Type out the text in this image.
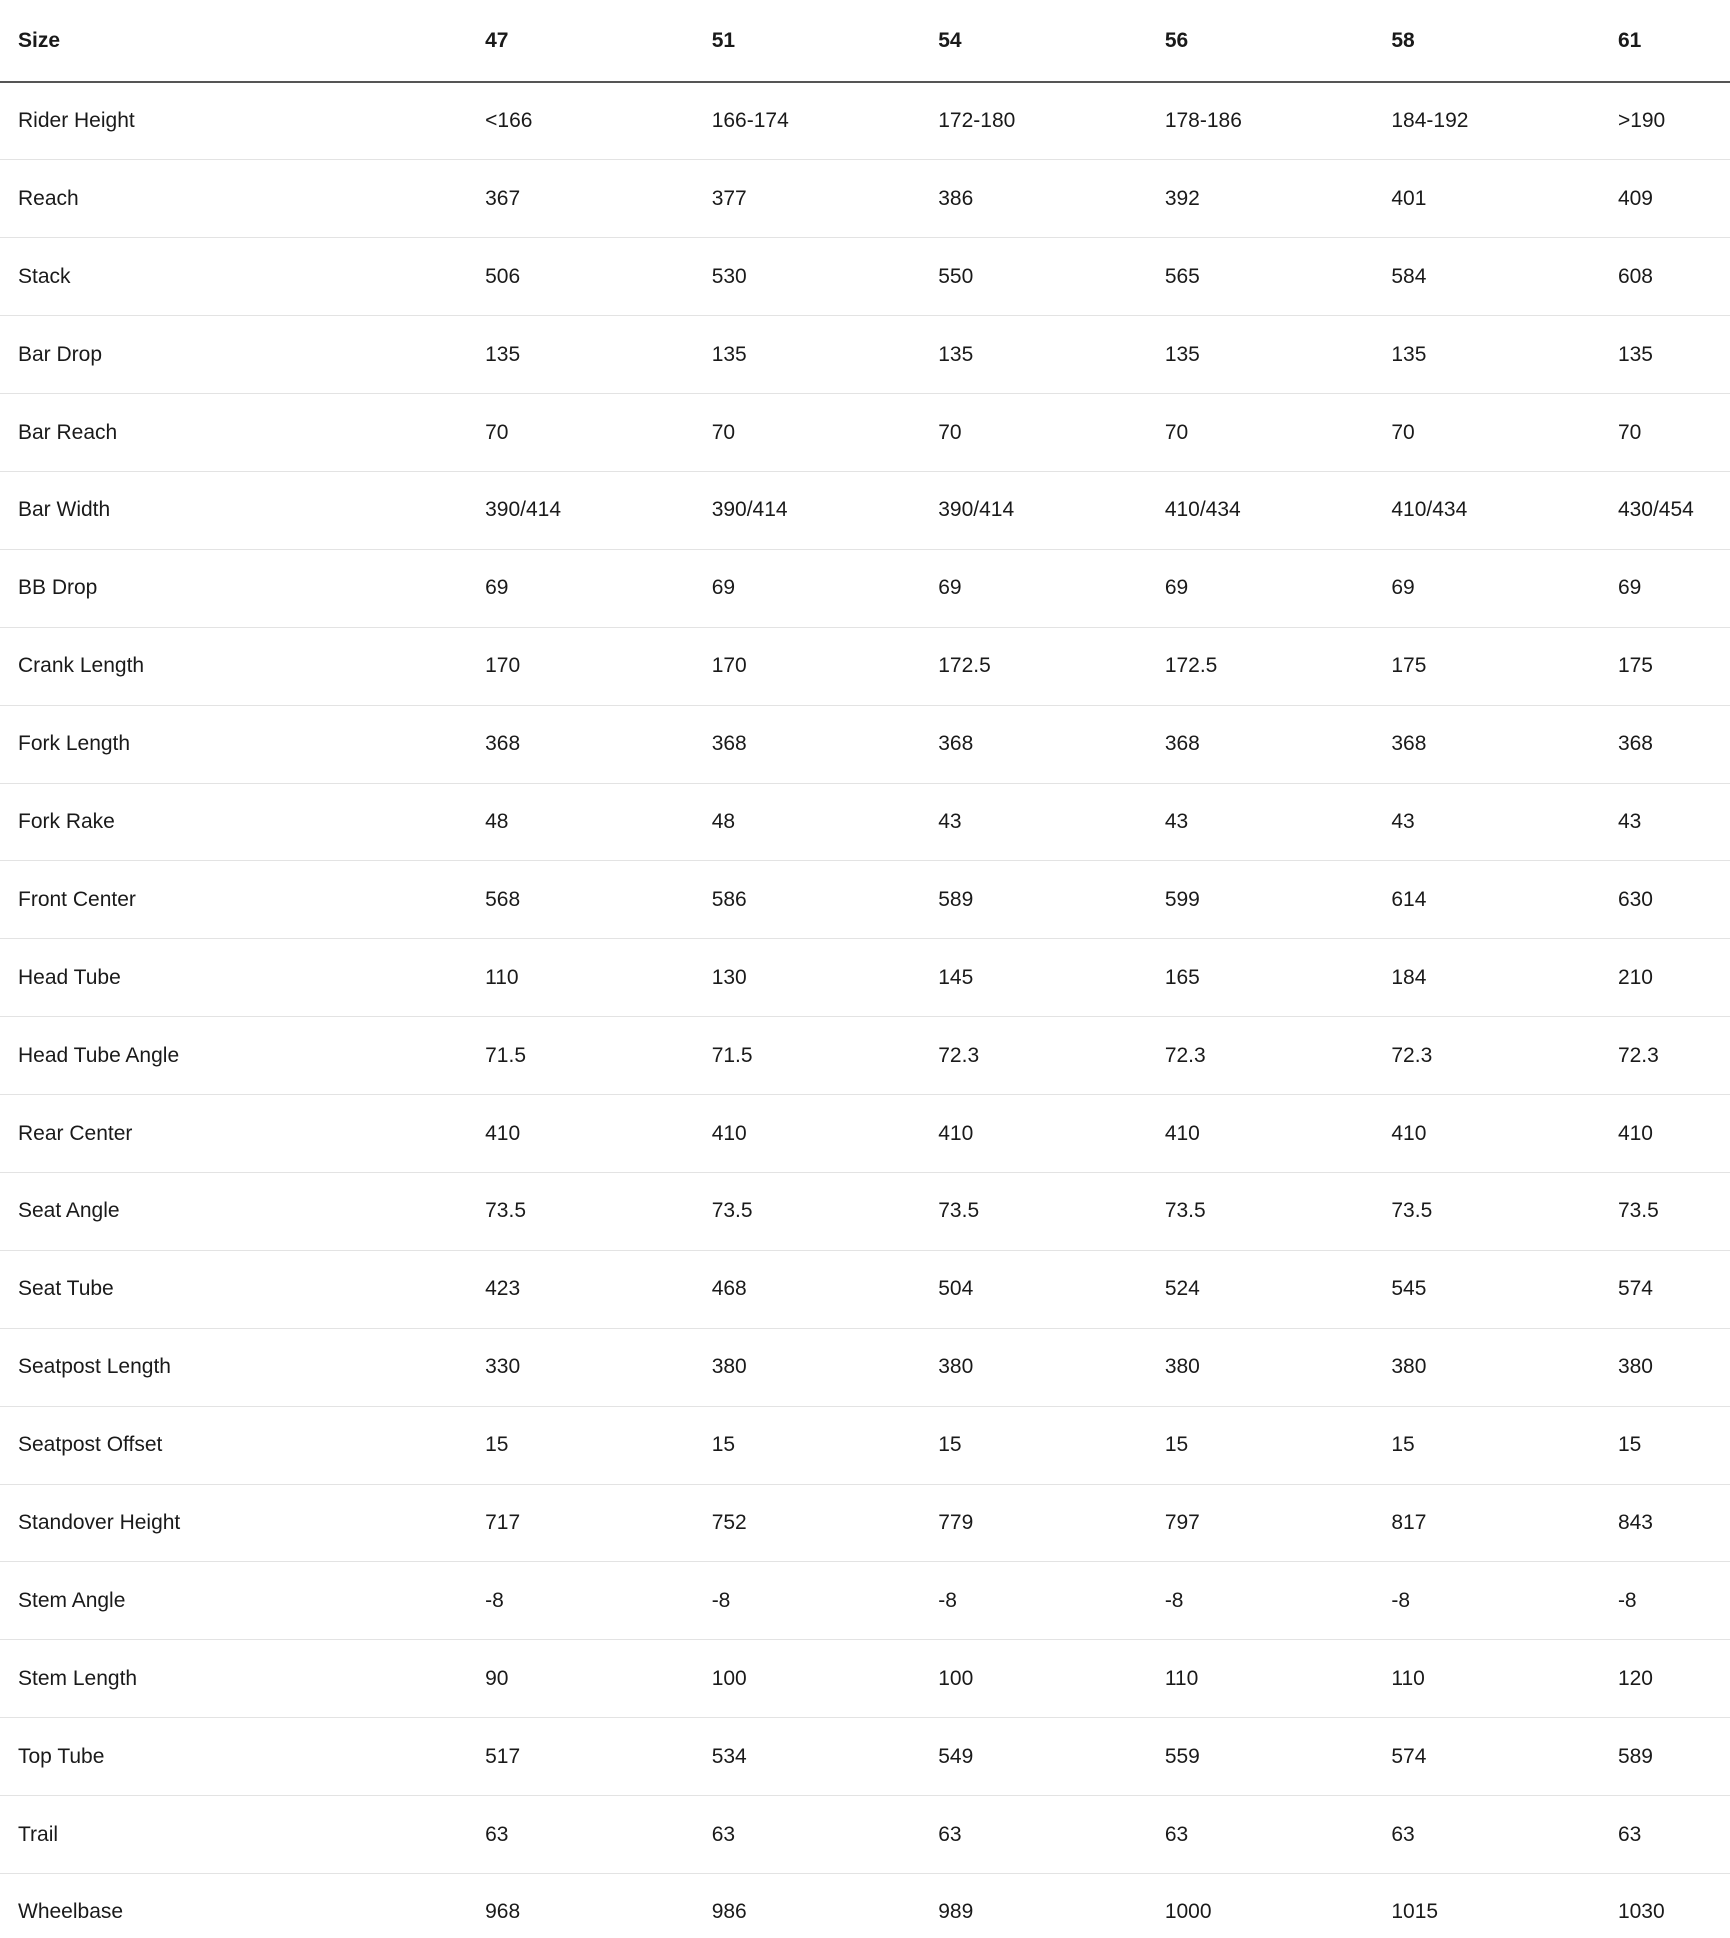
Size	47	51	54	56	58	61
Rider Height	<166	166-174	172-180	178-186	184-192	>190
Reach	367	377	386	392	401	409
Stack	506	530	550	565	584	608
Bar Drop	135	135	135	135	135	135
Bar Reach	70	70	70	70	70	70
Bar Width	390/414	390/414	390/414	410/434	410/434	430/454
BB Drop	69	69	69	69	69	69
Crank Length	170	170	172.5	172.5	175	175
Fork Length	368	368	368	368	368	368
Fork Rake	48	48	43	43	43	43
Front Center	568	586	589	599	614	630
Head Tube	110	130	145	165	184	210
Head Tube Angle	71.5	71.5	72.3	72.3	72.3	72.3
Rear Center	410	410	410	410	410	410
Seat Angle	73.5	73.5	73.5	73.5	73.5	73.5
Seat Tube	423	468	504	524	545	574
Seatpost Length	330	380	380	380	380	380
Seatpost Offset	15	15	15	15	15	15
Standover Height	717	752	779	797	817	843
Stem Angle	-8	-8	-8	-8	-8	-8
Stem Length	90	100	100	110	110	120
Top Tube	517	534	549	559	574	589
Trail	63	63	63	63	63	63
Wheelbase	968	986	989	1000	1015	1030
